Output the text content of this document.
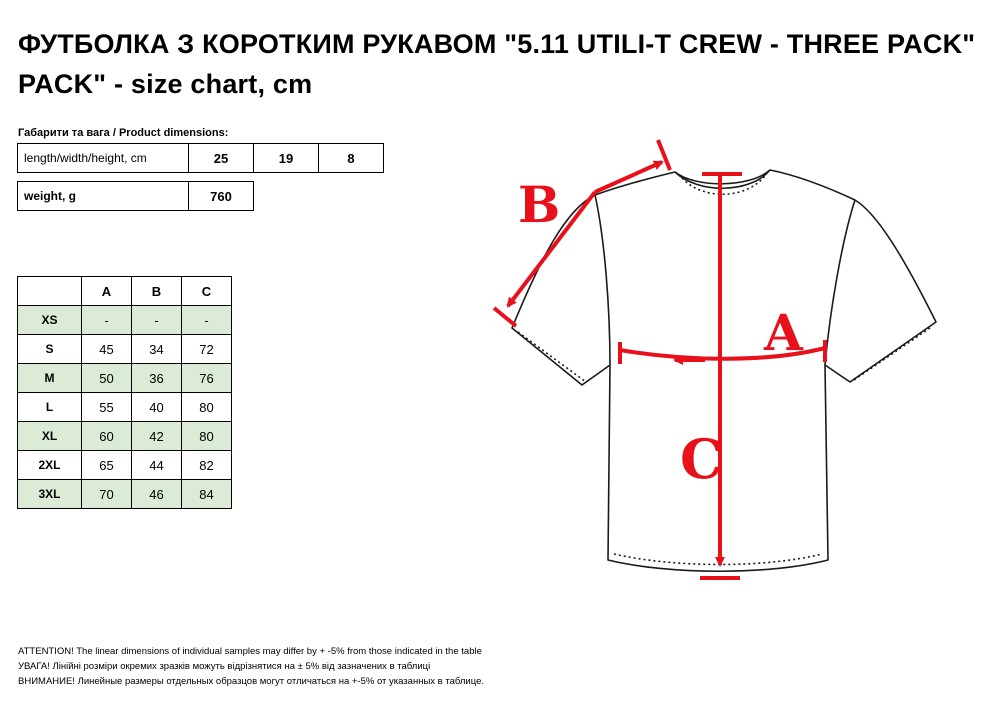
ФУТБОЛКА З КОРОТКИМ РУКАВОМ "5.11 UTILI-T CREW - THREE PACK"
PACK" - size chart, cm
Габарити та вага / Product dimensions:
length/width/height, cm	25	19	8
weight, g	760
	A	B	C
XS	-	-	-
S	45	34	72
M	50	36	76
L	55	40	80
XL	60	42	80
2XL	65	44	82
3XL	70	46	84
A
B
C
ATTENTION! The linear dimensions of individual samples may differ by + -5% from those indicated in the table
УВАГА! Лінійні розміри окремих зразків можуть відрізнятися на ± 5% від зазначених в таблиці
ВНИМАНИЕ! Линейные размеры отдельных образцов могут отличаться на +-5% от указанных в таблице.
